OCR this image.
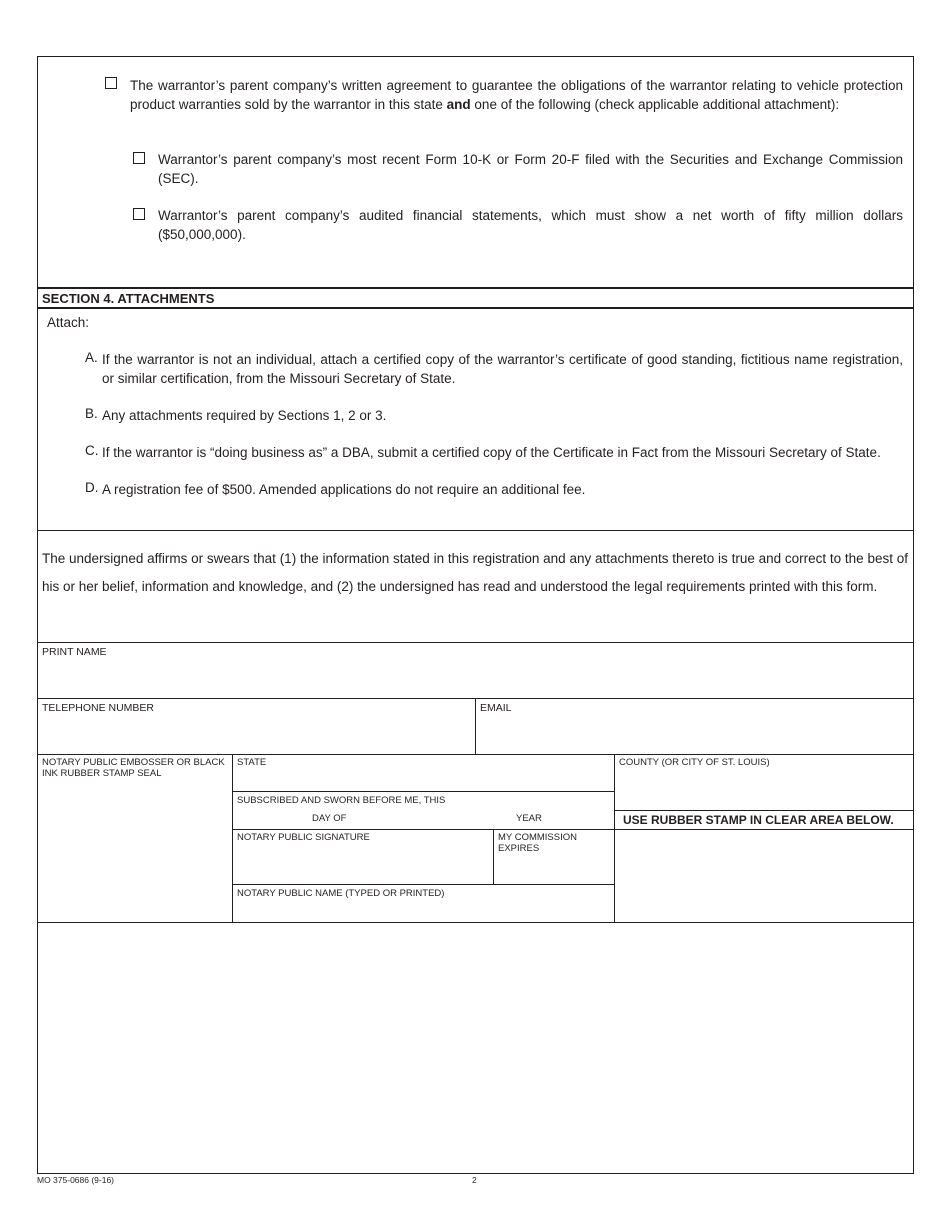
The warrantor’s parent company’s written agreement to guarantee the obligations of the warrantor relating to vehicle protection product warranties sold by the warrantor in this state and one of the following (check applicable additional attachment):
Warrantor’s parent company’s most recent Form 10-K or Form 20-F filed with the Securities and Exchange Commission (SEC).
Warrantor’s parent company’s audited financial statements, which must show a net worth of fifty million dollars ($50,000,000).
SECTION 4. ATTACHMENTS
Attach:
A. If the warrantor is not an individual, attach a certified copy of the warrantor’s certificate of good standing, fictitious name registration, or similar certification, from the Missouri Secretary of State.
B. Any attachments required by Sections 1, 2 or 3.
C. If the warrantor is “doing business as” a DBA, submit a certified copy of the Certificate in Fact from the Missouri Secretary of State.
D. A registration fee of $500. Amended applications do not require an additional fee.
The undersigned affirms or swears that (1) the information stated in this registration and any attachments thereto is true and correct to the best of his or her belief, information and knowledge, and (2) the undersigned has read and understood the legal requirements printed with this form.
PRINT NAME
TELEPHONE NUMBER	EMAIL
NOTARY PUBLIC EMBOSSER OR BLACK INK RUBBER STAMP SEAL
STATE	COUNTY (OR CITY OF ST. LOUIS)
SUBSCRIBED AND SWORN BEFORE ME, THIS
DAY OF	YEAR	USE RUBBER STAMP IN CLEAR AREA BELOW.
NOTARY PUBLIC SIGNATURE	MY COMMISSION EXPIRES
NOTARY PUBLIC NAME (TYPED OR PRINTED)
MO 375-0686 (9-16)	2
